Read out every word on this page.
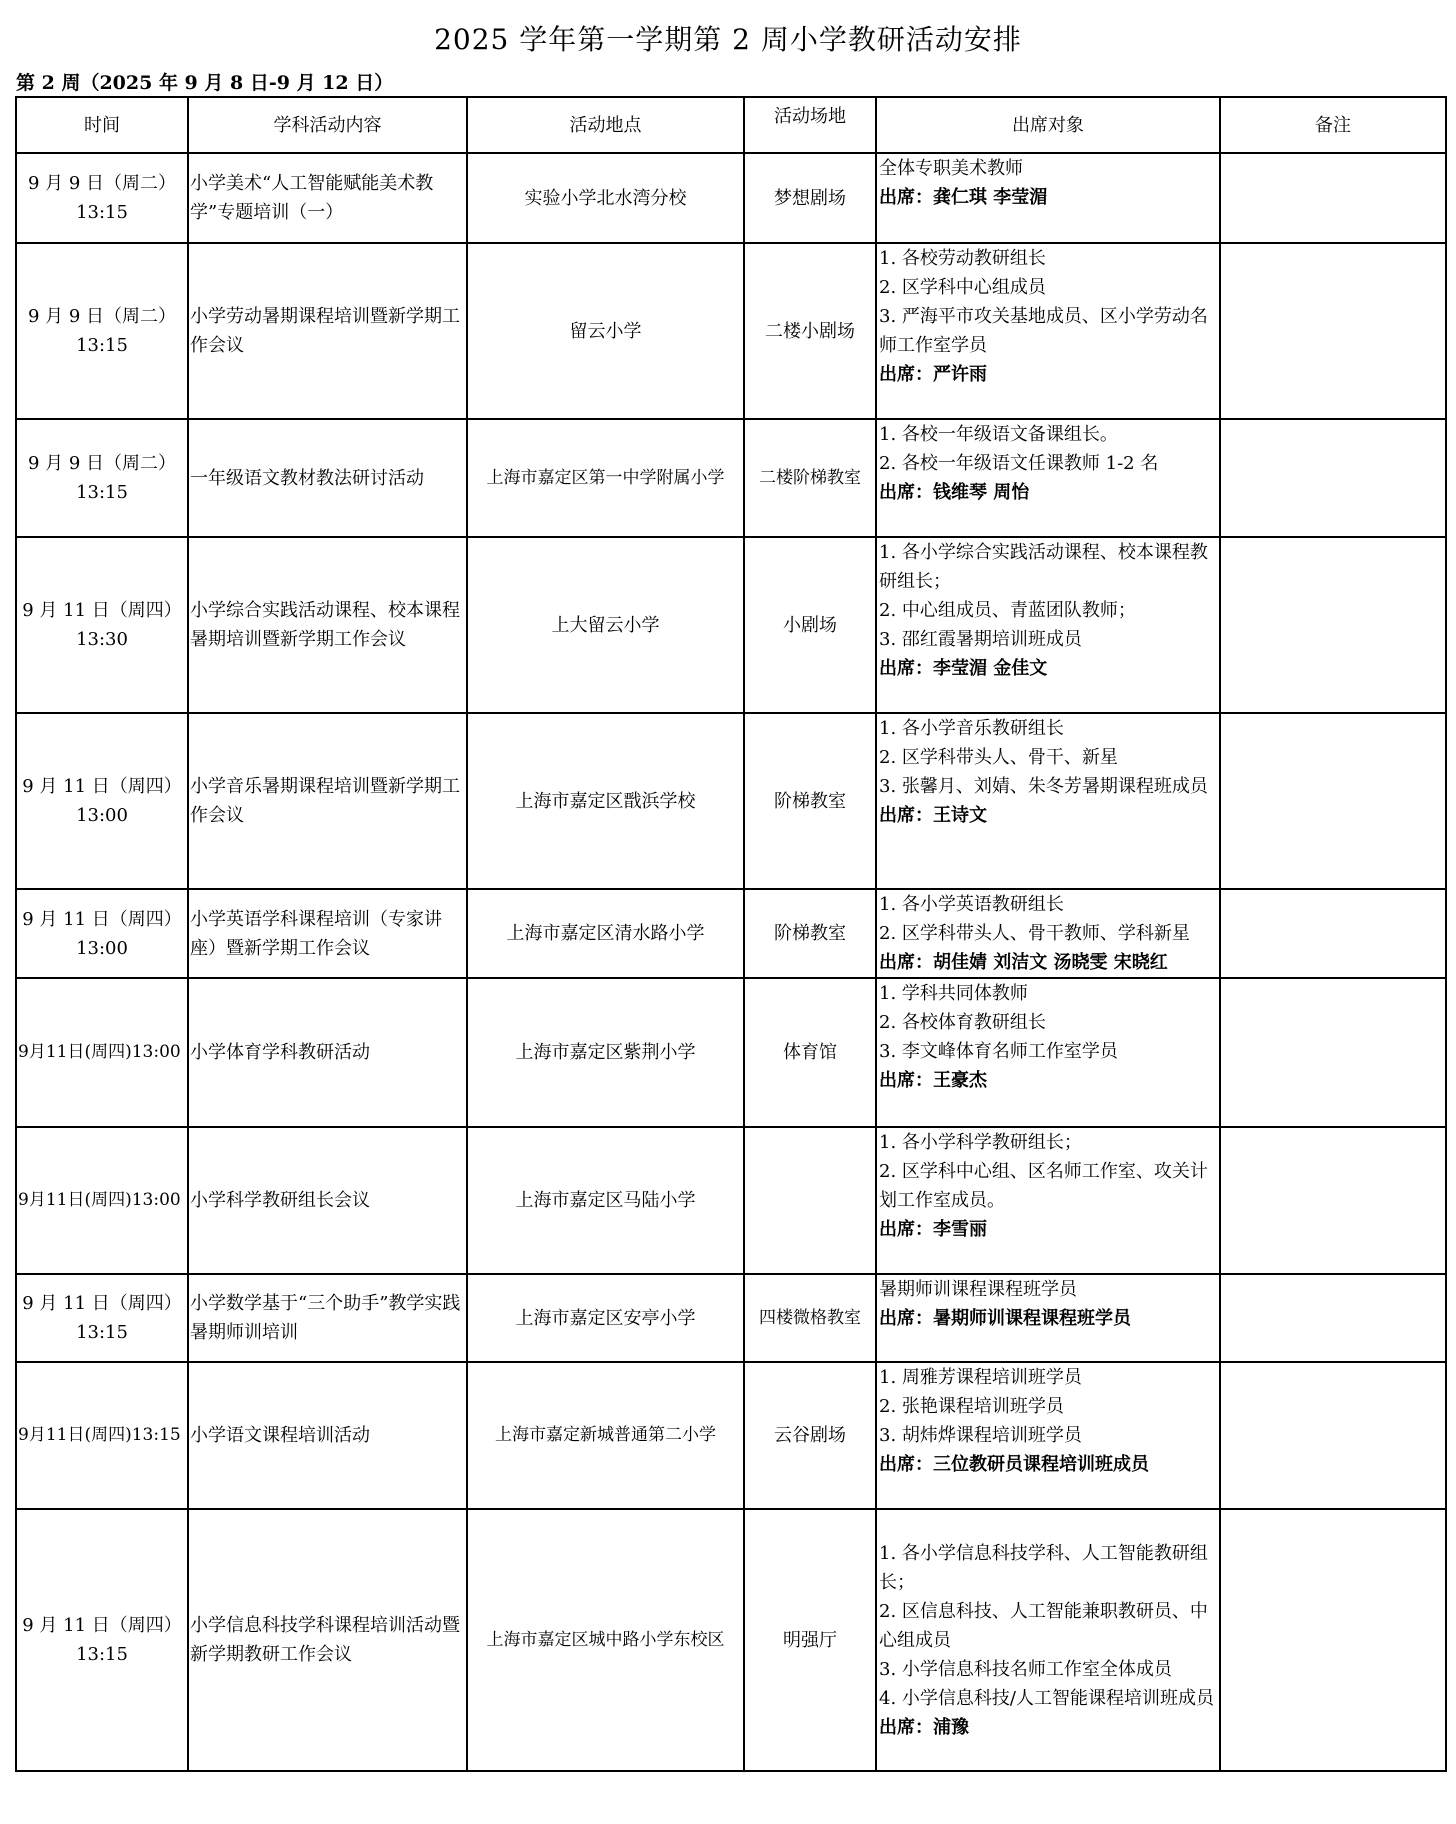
2025 学年第一学期第 2 周小学教研活动安排
第 2 周（2025 年 9 月 8 日-9 月 12 日）
时间	学科活动内容	活动地点	活动场地	出席对象	备注

9 月 9 日（周二）
13:15	小学美术“人工智能赋能美术教学”专题培训（一）	实验小学北水湾分校	梦想剧场	全体专职美术教师
出席：龚仁琪 李莹湄	

9 月 9 日（周二）
13:15	小学劳动暑期课程培训暨新学期工作会议	留云小学	二楼小剧场	1. 各校劳动教研组长
2. 区学科中心组成员
3. 严海平市攻关基地成员、区小学劳动名师工作室学员
出席：严许雨	

9 月 9 日（周二）
13:15	一年级语文教材教法研讨活动	上海市嘉定区第一中学附属小学	二楼阶梯教室	1. 各校一年级语文备课组长。
2. 各校一年级语文任课教师 1-2 名
出席：钱维琴 周怡	

9 月 11 日（周四）
13:30	小学综合实践活动课程、校本课程暑期培训暨新学期工作会议	上大留云小学	小剧场	1. 各小学综合实践活动课程、校本课程教研组长；
2. 中心组成员、青蓝团队教师；
3. 邵红霞暑期培训班成员
出席：李莹湄 金佳文	

9 月 11 日（周四）
13:00	小学音乐暑期课程培训暨新学期工作会议	上海市嘉定区戬浜学校	阶梯教室	1. 各小学音乐教研组长
2. 区学科带头人、骨干、新星
3. 张馨月、刘婧、朱冬芳暑期课程班成员
出席：王诗文	

9 月 11 日（周四）
13:00	小学英语学科课程培训（专家讲座）暨新学期工作会议	上海市嘉定区清水路小学	阶梯教室	1. 各小学英语教研组长
2. 区学科带头人、骨干教师、学科新星
出席：胡佳婧 刘洁文 汤晓雯 宋晓红	

9月11日(周四)13:00	小学体育学科教研活动	上海市嘉定区紫荆小学	体育馆	1. 学科共同体教师
2. 各校体育教研组长
3. 李文峰体育名师工作室学员
出席：王豪杰	

9月11日(周四)13:00	小学科学教研组长会议	上海市嘉定区马陆小学		1. 各小学科学教研组长；
2. 区学科中心组、区名师工作室、攻关计划工作室成员。
出席：李雪丽	

9 月 11 日（周四）
13:15	小学数学基于“三个助手”教学实践暑期师训培训	上海市嘉定区安亭小学	四楼微格教室	暑期师训课程课程班学员
出席：暑期师训课程课程班学员	

9月11日(周四)13:15	小学语文课程培训活动	上海市嘉定新城普通第二小学	云谷剧场	1. 周雅芳课程培训班学员
2. 张艳课程培训班学员
3. 胡炜烨课程培训班学员
出席：三位教研员课程培训班成员	

9 月 11 日（周四）
13:15	小学信息科技学科课程培训活动暨新学期教研工作会议	上海市嘉定区城中路小学东校区	明强厅	1. 各小学信息科技学科、人工智能教研组长；
2. 区信息科技、人工智能兼职教研员、中心组成员
3. 小学信息科技名师工作室全体成员
4. 小学信息科技/人工智能课程培训班成员
出席：浦豫	
